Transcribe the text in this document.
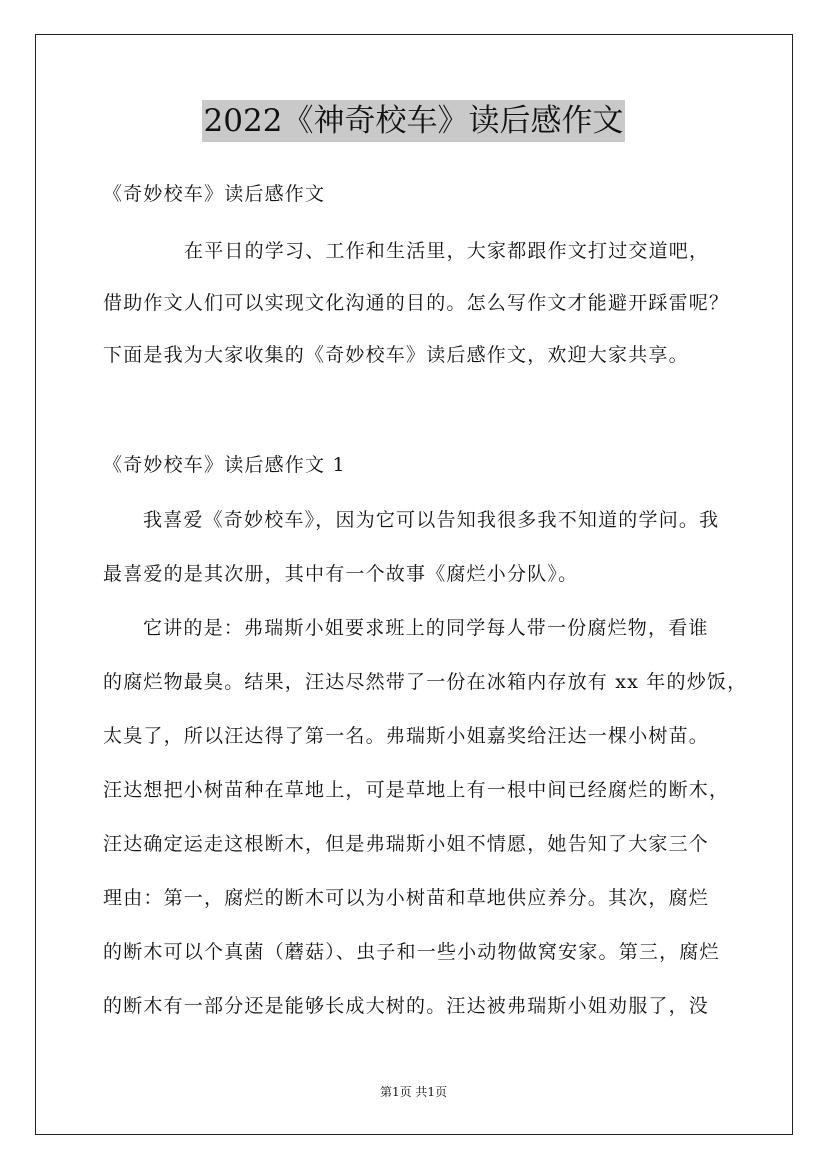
2022《神奇校车》读后感作文
《奇妙校车》读后感作文
在平日的学习、工作和生活里，大家都跟作文打过交道吧，
借助作文人们可以实现文化沟通的目的。怎么写作文才能避开踩雷呢？
下面是我为大家收集的《奇妙校车》读后感作文，欢迎大家共享。
《奇妙校车》读后感作文 1
我喜爱《奇妙校车》，因为它可以告知我很多我不知道的学问。我
最喜爱的是其次册，其中有一个故事《腐烂小分队》。
它讲的是：弗瑞斯小姐要求班上的同学每人带一份腐烂物，看谁
的腐烂物最臭。结果，汪达尽然带了一份在冰箱内存放有 xx 年的炒饭，
太臭了，所以汪达得了第一名。弗瑞斯小姐嘉奖给汪达一棵小树苗。
汪达想把小树苗种在草地上，可是草地上有一根中间已经腐烂的断木，
汪达确定运走这根断木，但是弗瑞斯小姐不情愿，她告知了大家三个
理由：第一，腐烂的断木可以为小树苗和草地供应养分。其次，腐烂
的断木可以个真菌（蘑菇）、虫子和一些小动物做窝安家。第三，腐烂
的断木有一部分还是能够长成大树的。汪达被弗瑞斯小姐劝服了，没
第1页 共1页
